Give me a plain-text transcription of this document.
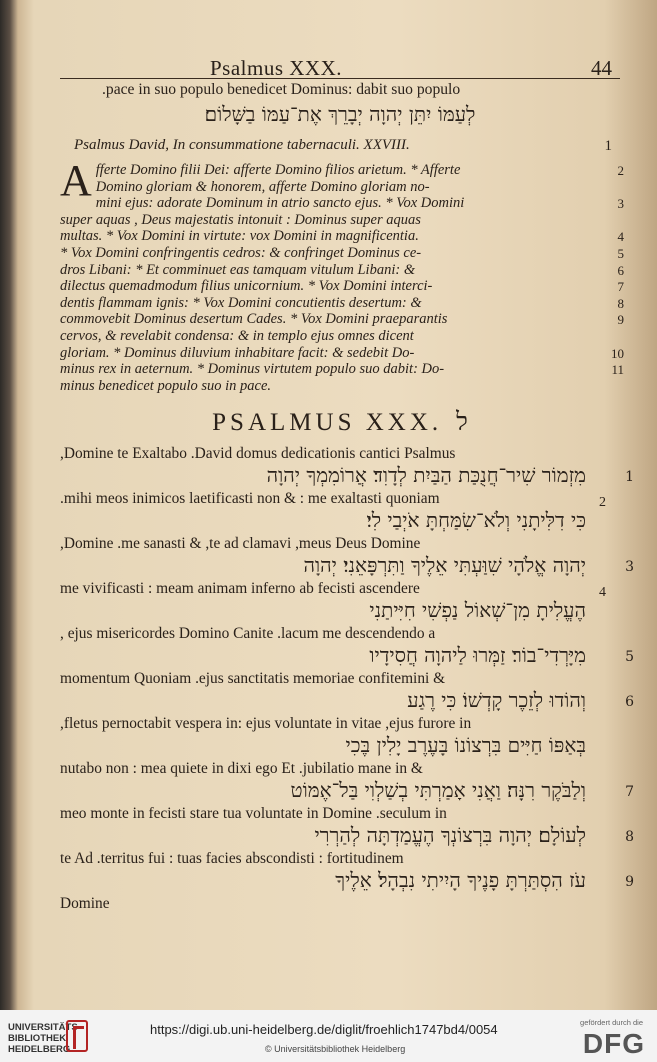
Psalmus XXX.	44
.pace in suo populo benedicet Dominus: dabit suo populo
לְעַמּוֹ יִתֵּן יְהוָה יְבָרֵךְ אֶת־עַמּוֹ בַשָּׁלוֹם׃
Psalmus David, In consummatione tabernaculi. XXVIII.	1
A fferte Domino filii Dei: afferte Domino filios arietum. * Afferte	2
Domino gloriam & honorem, afferte Domino gloriam no-
mini ejus: adorate Dominum in atrio sancto ejus. * Vox Domini	3
super aquas , Deus majestatis intonuit : Dominus super aquas
multas. * Vox Domini in virtute: vox Domini in magnificentia.	4
* Vox Domini confringentis cedros: & confringet Dominus ce-	5
dros Libani: * Et comminuet eas tamquam vitulum Libani: &	6
dilectus quemadmodum filius unicornium. * Vox Domini interci-	7
dentis flammam ignis: * Vox Domini concutientis desertum: &	8
commovebit Dominus desertum Cades. * Vox Domini praeparantis	9
cervos, & revelabit condensa: & in templo ejus omnes dicent
gloriam. * Dominus diluvium inhabitare facit: & sedebit Do-	10
minus rex in aeternum. * Dominus virtutem populo suo dabit: Do-	11
minus benedicet populo suo in pace.
PSALMUS XXX. ל
,Domine te Exaltabo .David domus dedicationis cantici Psalmus
מִזְמוֹר שִׁיר־חֲנֻכַּת הַבַּיִת לְדָוִד׃ אֲרוֹמִמְךָ יְהוָה	1
.mihi meos inimicos laetificasti non & : me exaltasti quoniam	2
כִּי דִלִּיתָנִי וְלֹא־שִׂמַּחְתָּ אֹיְבַי לִי׃
,Domine .me sanasti & ,te ad clamavi ,meus Deus Domine
יְהוָה אֱלֹהָי שִׁוַּעְתִּי אֵלֶיךָ וַתִּרְפָּאֵנִי׃ יְהוָה	3
me vivificasti : meam animam inferno ab fecisti ascendere	4
הֶעֱלִיתָ מִן־שְׁאוֹל נַפְשִׁי חִיִּיתַנִי
, ejus misericordes Domino Canite .lacum me descendendo a
מִיָּרְדִי־בוֹר׃ זַמְּרוּ לַיהוָה חֲסִידָיו	5
momentum Quoniam .ejus sanctitatis memoriae confitemini &
וְהוֹדוּ לְזֵכֶר קָדְשׁוֹ׃ כִּי רֶגַע	6
,fletus pernoctabit vespera in: ejus voluntate in vitae ,ejus furore in
בְּאַפּוֹ חַיִּים בִּרְצוֹנוֹ בָּעֶרֶב יָלִין בֶּכִי
nutabo non : mea quiete in dixi ego Et .jubilatio mane in &
וְלַבֹּקֶר רִנָּה׃ וַאֲנִי אָמַרְתִּי בְשַׁלְוִי בַּל־אֶמּוֹט	7
meo monte in fecisti stare tua voluntate in Domine .seculum in
לְעוֹלָם׃ יְהוָה בִּרְצוֹנְךָ הֶעֱמַדְתָּה לְהַרְרִי	8
te Ad .territus fui : tuas facies abscondisti : fortitudinem
עֹז הִסְתַּרְתָּ פָנֶיךָ הָיִיתִי נִבְהָל׃ אֵלֶיךָ	9
Domine
UNIVERSITÄTS-
BIBLIOTHEK
HEIDELBERG
https://digi.ub.uni-heidelberg.de/diglit/froehlich1747bd4/0054
© Universitätsbibliothek Heidelberg
gefördert durch die
DFG
